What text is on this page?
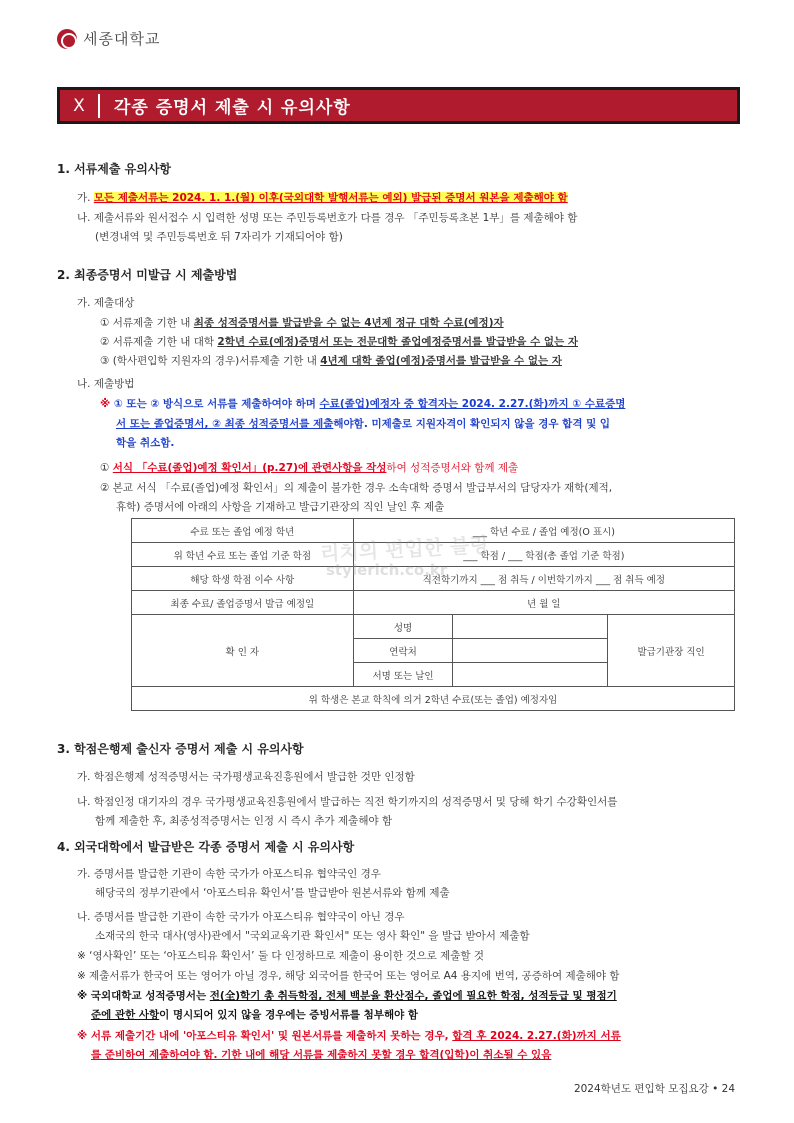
세종대학교
X	각종 증명서 제출 시 유의사항
1. 서류제출 유의사항
가. 모든 제출서류는 2024. 1. 1.(월) 이후(국외대학 발행서류는 예외) 발급된 증명서 원본을 제출해야 함
나. 제출서류와 원서접수 시 입력한 성명 또는 주민등록번호가 다를 경우 「주민등록초본 1부」를 제출해야 함
(변경내역 및 주민등록번호 뒤 7자리가 기재되어야 함)
2. 최종증명서 미발급 시 제출방법
가. 제출대상
① 서류제출 기한 내 최종 성적증명서를 발급받을 수 없는 4년제 정규 대학 수료(예정)자
② 서류제출 기한 내 대학 2학년 수료(예정)증명서 또는 전문대학 졸업예정증명서를 발급받을 수 없는 자
③ (학사편입학 지원자의 경우)서류제출 기한 내 4년제 대학 졸업(예정)증명서를 발급받을 수 없는 자
나. 제출방법
※ ① 또는 ② 방식으로 서류를 제출하여야 하며 수료(졸업)예정자 중 합격자는 2024. 2.27.(화)까지 ① 수료증명
서 또는 졸업증명서, ② 최종 성적증명서를 제출해야함. 미제출로 지원자격이 확인되지 않을 경우 합격 및 입
학을 취소함.
① 서식 「수료(졸업)예정 확인서」(p.27)에 관련사항을 작성하여 성적증명서와 함께 제출
② 본교 서식 「수료(졸업)예정 확인서」의 제출이 불가한 경우 소속대학 증명서 발급부서의 담당자가 재학(제적,
휴학) 증명서에 아래의 사항을 기재하고 발급기관장의 직인 날인 후 제출
수료 또는 졸업 예정 학년	___ 학년 수료 / 졸업 예정(O 표시)		
위 학년 수료 또는 졸업 기준 학점	___ 학점 / ___ 학점(총 졸업 기준 학점)		
해당 학생 학점 이수 사항	직전학기까지 ___ 점 취득 / 이번학기까지 ___ 점 취득 예정		
최종 수료/ 졸업증명서 발급 예정일	년 월 일		
확 인 자	성명		발급기관장 직인
	연락처		
	서명 또는 날인		
위 학생은 본교 학칙에 의거 2학년 수료(또는 졸업) 예정자임			
리치의 편입한 블링
stylerich.co.kr
3. 학점은행제 출신자 증명서 제출 시 유의사항
가. 학점은행제 성적증명서는 국가평생교육진흥원에서 발급한 것만 인정함
나. 학점인정 대기자의 경우 국가평생교육진흥원에서 발급하는 직전 학기까지의 성적증명서 및 당해 학기 수강확인서를
함께 제출한 후, 최종성적증명서는 인정 시 즉시 추가 제출해야 함
4. 외국대학에서 발급받은 각종 증명서 제출 시 유의사항
가. 증명서를 발급한 기관이 속한 국가가 아포스티유 협약국인 경우
해당국의 정부기관에서 ‘아포스티유 확인서’를 발급받아 원본서류와 함께 제출
나. 증명서를 발급한 기관이 속한 국가가 아포스티유 협약국이 아닌 경우
소재국의 한국 대사(영사)관에서 "국외교육기관 확인서" 또는 영사 확인" 을 발급 받아서 제출함
※ ‘영사확인’ 또는 ‘아포스티유 확인서’ 둘 다 인정하므로 제출이 용이한 것으로 제출할 것
※ 제출서류가 한국어 또는 영어가 아닐 경우, 해당 외국어를 한국어 또는 영어로 A4 용지에 번역, 공증하여 제출해야 함
※ 국외대학교 성적증명서는 전(全)학기 총 취득학점, 전체 백분율 환산점수, 졸업에 필요한 학점, 성적등급 및 평점기
준에 관한 사항이 명시되어 있지 않을 경우에는 증빙서류를 첨부해야 함
※ 서류 제출기간 내에 '아포스티유 확인서' 및 원본서류를 제출하지 못하는 경우, 합격 후 2024. 2.27.(화)까지 서류
를 준비하여 제출하여야 함. 기한 내에 해당 서류를 제출하지 못할 경우 합격(입학)이 취소될 수 있음
2024학년도 편입학 모집요강 • 24
